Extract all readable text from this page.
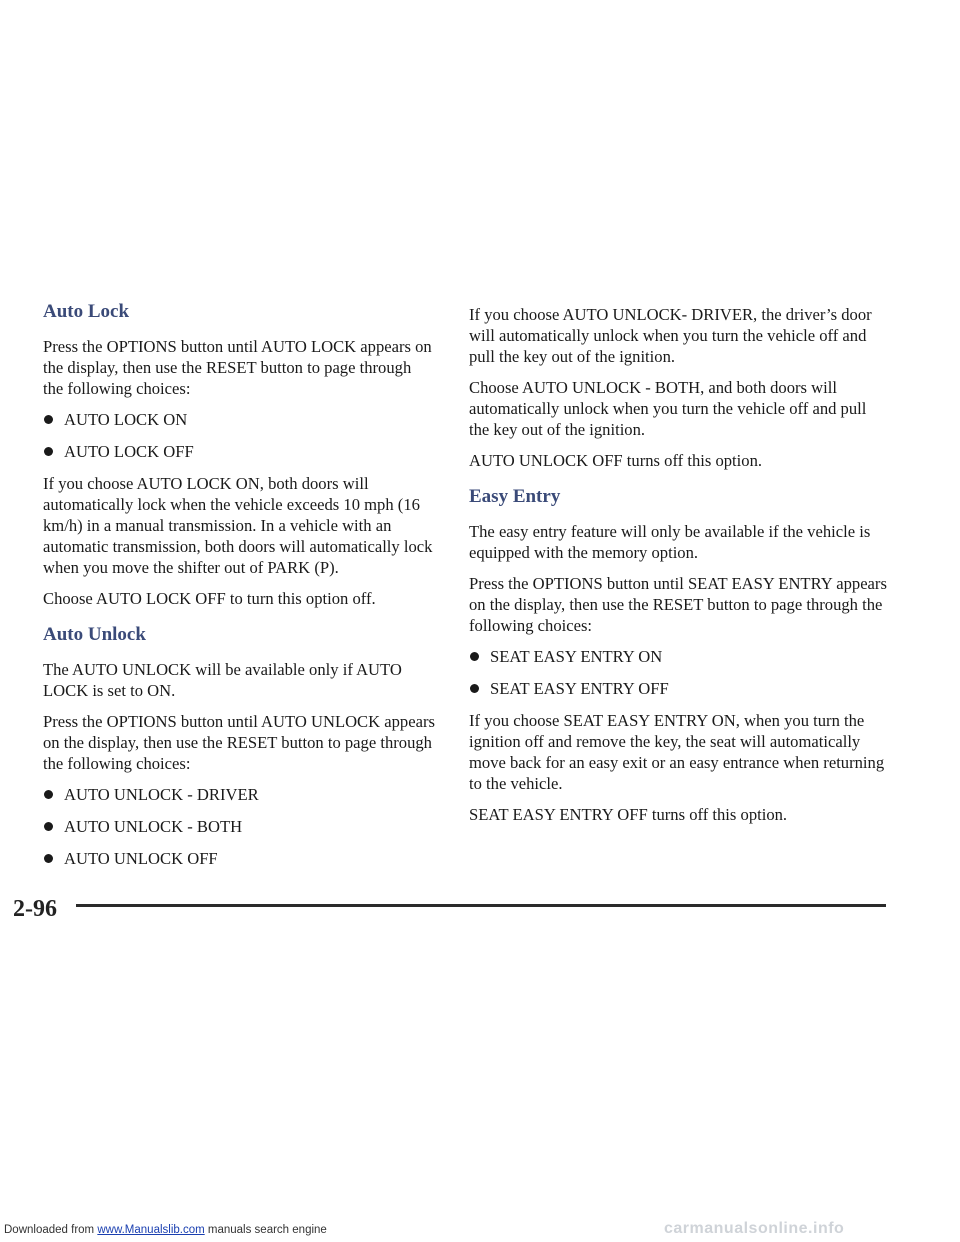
Auto Lock

Press the OPTIONS button until AUTO LOCK appears on the display, then use the RESET button to page through the following choices:

AUTO LOCK ON
AUTO LOCK OFF

If you choose AUTO LOCK ON, both doors will automatically lock when the vehicle exceeds 10 mph (16 km/h) in a manual transmission. In a vehicle with an automatic transmission, both doors will automatically lock when you move the shifter out of PARK (P).

Choose AUTO LOCK OFF to turn this option off.

Auto Unlock

The AUTO UNLOCK will be available only if AUTO LOCK is set to ON.

Press the OPTIONS button until AUTO UNLOCK appears on the display, then use the RESET button to page through the following choices:

AUTO UNLOCK - DRIVER
AUTO UNLOCK - BOTH
AUTO UNLOCK OFF

If you choose AUTO UNLOCK- DRIVER, the driver’s door will automatically unlock when you turn the vehicle off and pull the key out of the ignition.

Choose AUTO UNLOCK - BOTH, and both doors will automatically unlock when you turn the vehicle off and pull the key out of the ignition.

AUTO UNLOCK OFF turns off this option.

Easy Entry

The easy entry feature will only be available if the vehicle is equipped with the memory option.

Press the OPTIONS button until SEAT EASY ENTRY appears on the display, then use the RESET button to page through the following choices:

SEAT EASY ENTRY ON
SEAT EASY ENTRY OFF

If you choose SEAT EASY ENTRY ON, when you turn the ignition off and remove the key, the seat will automatically move back for an easy exit or an easy entrance when returning to the vehicle.

SEAT EASY ENTRY OFF turns off this option.

2-96
Downloaded from www.Manualslib.com manuals search engine	carmanualsonline.info
